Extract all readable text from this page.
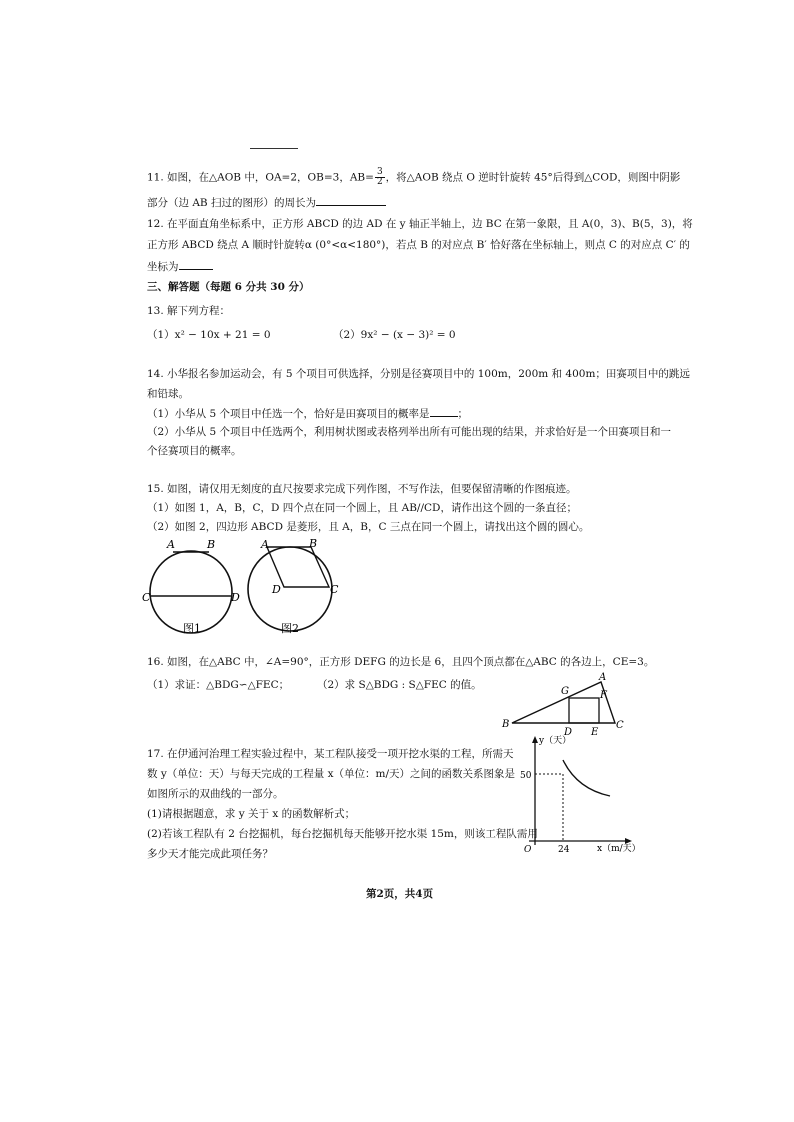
11. 如图，在△AOB 中，OA=2，OB=3，$AB= \frac{3}{2}$ ，将△AOB 绕点 O 逆时针旋转 45°后得到△COD，则图中阴影
部分（边 AB 扫过的图形）的周长为
12. 在平面直角坐标系中，正方形 ABCD 的边 AD 在 y 轴正半轴上，边 BC 在第一象限，且 A(0，3)、B(5，3)，将
正方形 ABCD 绕点 A 顺时针旋转α (0°<α<180°)，若点 B 的对应点 B′ 恰好落在坐标轴上，则点 C 的对应点 C′ 的
坐标为
三、解答题（每题 6 分共 30 分）
13. 解下列方程：
（1）x² − 10x + 21 = 0	（2）9x² − (x − 3)² = 0
14. 小华报名参加运动会，有 5 个项目可供选择，分别是径赛项目中的 100m，200m 和 400m；田赛项目中的跳远
和铅球。
（1）小华从 5 个项目中任选一个，恰好是田赛项目的概率是	；
（2）小华从 5 个项目中任选两个，利用树状图或表格列举出所有可能出现的结果，并求恰好是一个田赛项目和一
个径赛项目的概率。
15. 如图，请仅用无刻度的直尺按要求完成下列作图，不写作法，但要保留清晰的作图痕迹。
（1）如图 1，A，B，C，D 四个点在同一个圆上，且 AB//CD，请作出这个圆的一条直径；
（2）如图 2，四边形 ABCD 是菱形，且 A，B，C 三点在同一个圆上，请找出这个圆的圆心。
A	B
C	D
图1
A	B
C
D
图2
16. 如图，在△ABC 中，∠A=90°，正方形 DEFG 的边长是 6，且四个顶点都在△ABC 的各边上，CE=3。
（1）求证：△BDG∽△FEC；	（2）求 S△BDG : S△FEC 的值。
B
A
C
G	F
D E
17. 在伊通河治理工程实验过程中，某工程队接受一项开挖水渠的工程，所需天
数 y（单位：天）与每天完成的工程量 x（单位：m/天）之间的函数关系图象是
如图所示的双曲线的一部分。
(1)请根据题意，求 y 关于 x 的函数解析式；
(2)若该工程队有 2 台挖掘机，每台挖掘机每天能够开挖水渠 15m，则该工程队需用
多少天才能完成此项任务？
y（天）
x（m/天）
O
50
24
第2页，共4页
